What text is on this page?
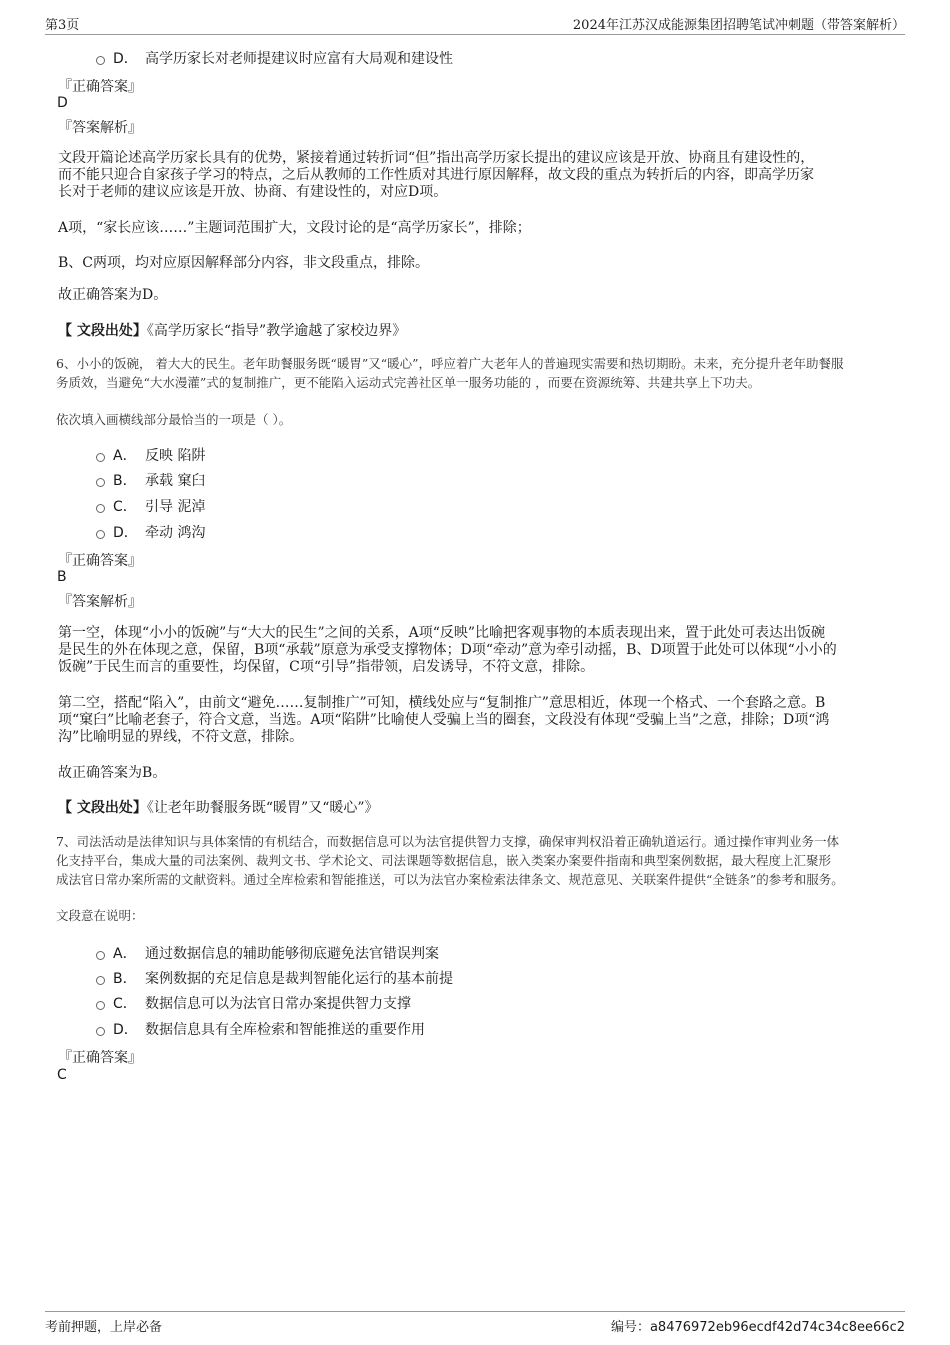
第3页	2024年江苏汉成能源集团招聘笔试冲刺题（带答案解析）
D． 高学历家长对老师提建议时应富有大局观和建设性
『正确答案』
D
『答案解析』
文段开篇论述高学历家长具有的优势，紧接着通过转折词“但”指出高学历家长提出的建议应该是开放、协商且有建设性的，
而不能只迎合自家孩子学习的特点，之后从教师的工作性质对其进行原因解释，故文段的重点为转折后的内容，即高学历家
长对于老师的建议应该是开放、协商、有建设性的，对应D项。
A项，“家长应该……”主题词范围扩大，文段讨论的是“高学历家长”，排除；
B、C两项，均对应原因解释部分内容，非文段重点，排除。
故正确答案为D。
【 文段出处】《高学历家长“指导”教学逾越了家校边界》
6、小小的饭碗， 着大大的民生。老年助餐服务既“暖胃”又“暖心”，呼应着广大老年人的普遍现实需要和热切期盼。未来，充分提升老年助餐服
务质效，当避免“大水漫灌”式的复制推广，更不能陷入运动式完善社区单一服务功能的 ，而要在资源统筹、共建共享上下功夫。
依次填入画横线部分最恰当的一项是（ ）。
A． 反映 陷阱
B． 承载 窠臼
C． 引导 泥淖
D． 牵动 鸿沟
『正确答案』
B
『答案解析』
第一空，体现“小小的饭碗”与“大大的民生”之间的关系，A项“反映”比喻把客观事物的本质表现出来，置于此处可表达出饭碗
是民生的外在体现之意，保留，B项“承载”原意为承受支撑物体；D项“牵动”意为牵引动摇，B、D项置于此处可以体现“小小的
饭碗”于民生而言的重要性，均保留，C项“引导”指带领，启发诱导，不符文意，排除。
第二空，搭配“陷入”，由前文“避免……复制推广”可知，横线处应与“复制推广”意思相近，体现一个格式、一个套路之意。B
项“窠臼”比喻老套子，符合文意，当选。A项“陷阱”比喻使人受骗上当的圈套，文段没有体现“受骗上当”之意，排除；D项“鸿
沟”比喻明显的界线，不符文意，排除。
故正确答案为B。
【 文段出处】《让老年助餐服务既“暖胃”又“暖心”》
7、司法活动是法律知识与具体案情的有机结合，而数据信息可以为法官提供智力支撑，确保审判权沿着正确轨道运行。通过操作审判业务一体
化支持平台，集成大量的司法案例、裁判文书、学术论文、司法课题等数据信息，嵌入类案办案要件指南和典型案例数据，最大程度上汇聚形
成法官日常办案所需的文献资料。通过全库检索和智能推送，可以为法官办案检索法律条文、规范意见、关联案件提供“全链条”的参考和服务。
文段意在说明：
A． 通过数据信息的辅助能够彻底避免法官错误判案
B． 案例数据的充足信息是裁判智能化运行的基本前提
C． 数据信息可以为法官日常办案提供智力支撑
D． 数据信息具有全库检索和智能推送的重要作用
『正确答案』
C
考前押题，上岸必备	编号：a8476972eb96ecdf42d74c34c8ee66c2
